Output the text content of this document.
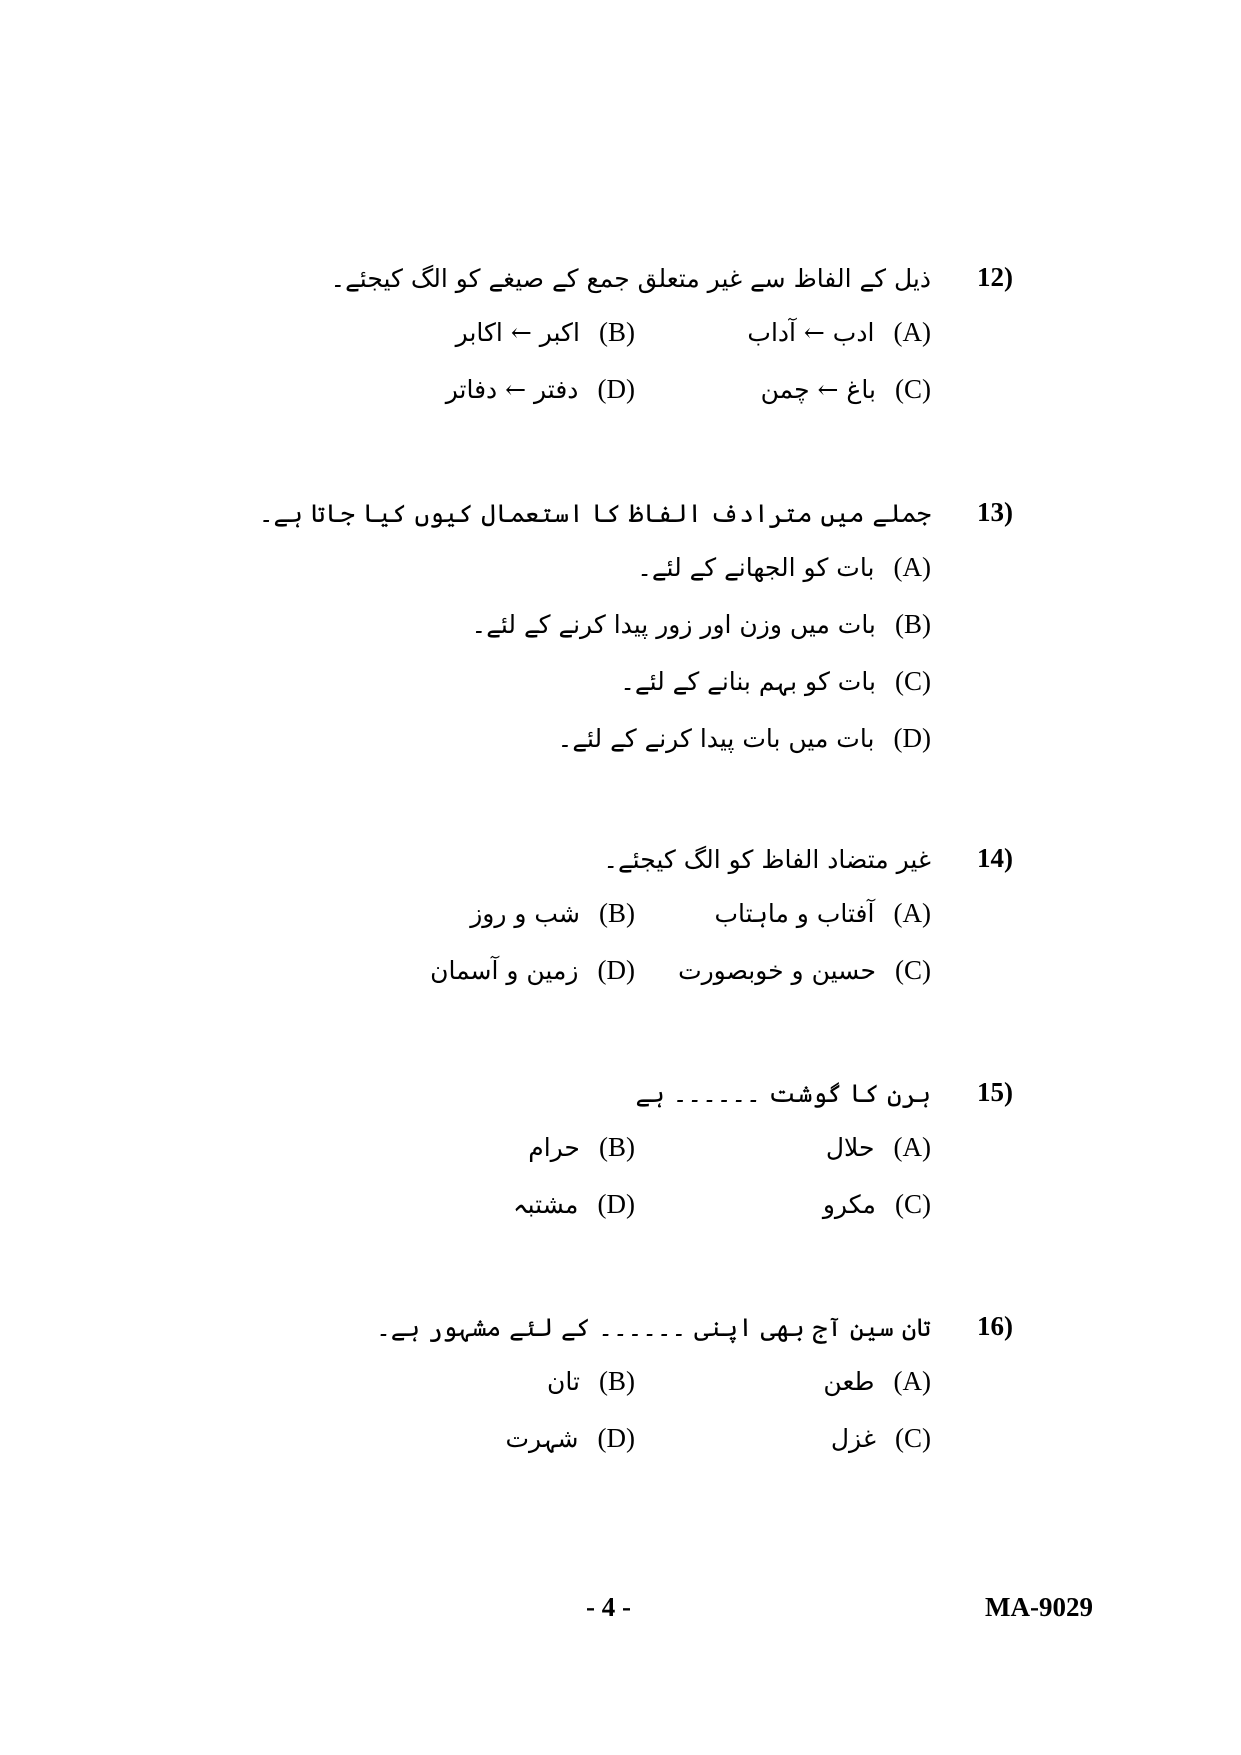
12)
ذیل کے الفاظ سے غیر متعلق جمع کے صیغے کو الگ کیجئے۔
ادب ← آداب (A)
اکبر ← اکابر (B)
باغ ← چمن (C)
دفتر ← دفاتر (D)
13)
جملے میں مترادف الفاظ کا استعمال کیوں کیا جاتا ہے۔
بات کو الجھانے کے لئے۔ (A)
بات میں وزن اور زور پیدا کرنے کے لئے۔ (B)
بات کو بہم بنانے کے لئے۔ (C)
بات میں بات پیدا کرنے کے لئے۔ (D)
14)
غیر متضاد الفاظ کو الگ کیجئے۔
آفتاب و ماہتاب (A)
شب و روز (B)
حسین و خوبصورت (C)
زمین و آسمان (D)
15)
ہرن کا گوشت ۔۔۔۔۔۔ ہے
حلال (A)
حرام (B)
مکرو (C)
مشتبہ (D)
16)
تان سین آج بھی اپنی ۔۔۔۔۔۔ کے لئے مشہور ہے۔
طعن (A)
تان (B)
غزل (C)
شہرت (D)
- 4 -	MA-9029
